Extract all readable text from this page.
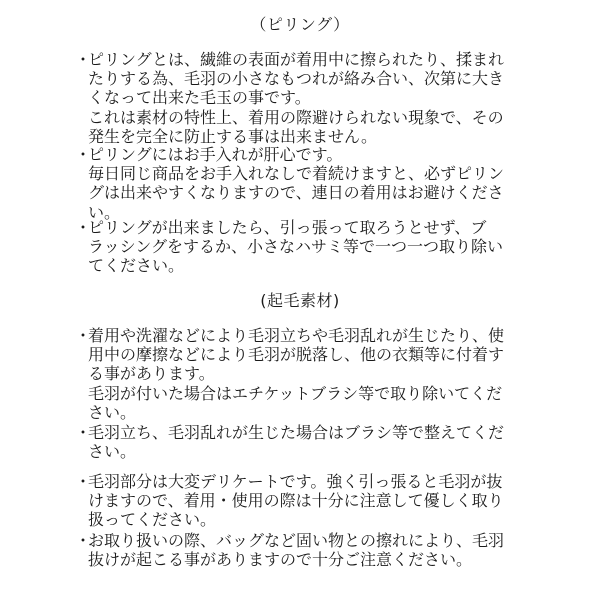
（ピリング）
・
ピリングとは、繊維の表面が着用中に擦られたり、揉まれ
たりする為、毛羽の小さなもつれが絡み合い、次第に大き
くなって出来た毛玉の事です。
これは素材の特性上、着用の際避けられない現象で、その
発生を完全に防止する事は出来ません。
・
ピリングにはお手入れが肝心です。
毎日同じ商品をお手入れなしで着続けますと、必ずピリン
グは出来やすくなりますので、連日の着用はお避けくださ
い。
・
ピリングが出来ましたら、引っ張って取ろうとせず、ブ
ラッシングをするか、小さなハサミ等で一つ一つ取り除い
てください。
(起毛素材)
・
着用や洗濯などにより毛羽立ちや毛羽乱れが生じたり、使
用中の摩擦などにより毛羽が脱落し、他の衣類等に付着す
る事があります。
毛羽が付いた場合はエチケットブラシ等で取り除いてくだ
さい。
・
毛羽立ち、毛羽乱れが生じた場合はブラシ等で整えてくだ
さい。
・
毛羽部分は大変デリケートです。強く引っ張ると毛羽が抜
けますので、着用・使用の際は十分に注意して優しく取り
扱ってください。
・
お取り扱いの際、バッグなど固い物との擦れにより、毛羽
抜けが起こる事がありますので十分ご注意ください。
